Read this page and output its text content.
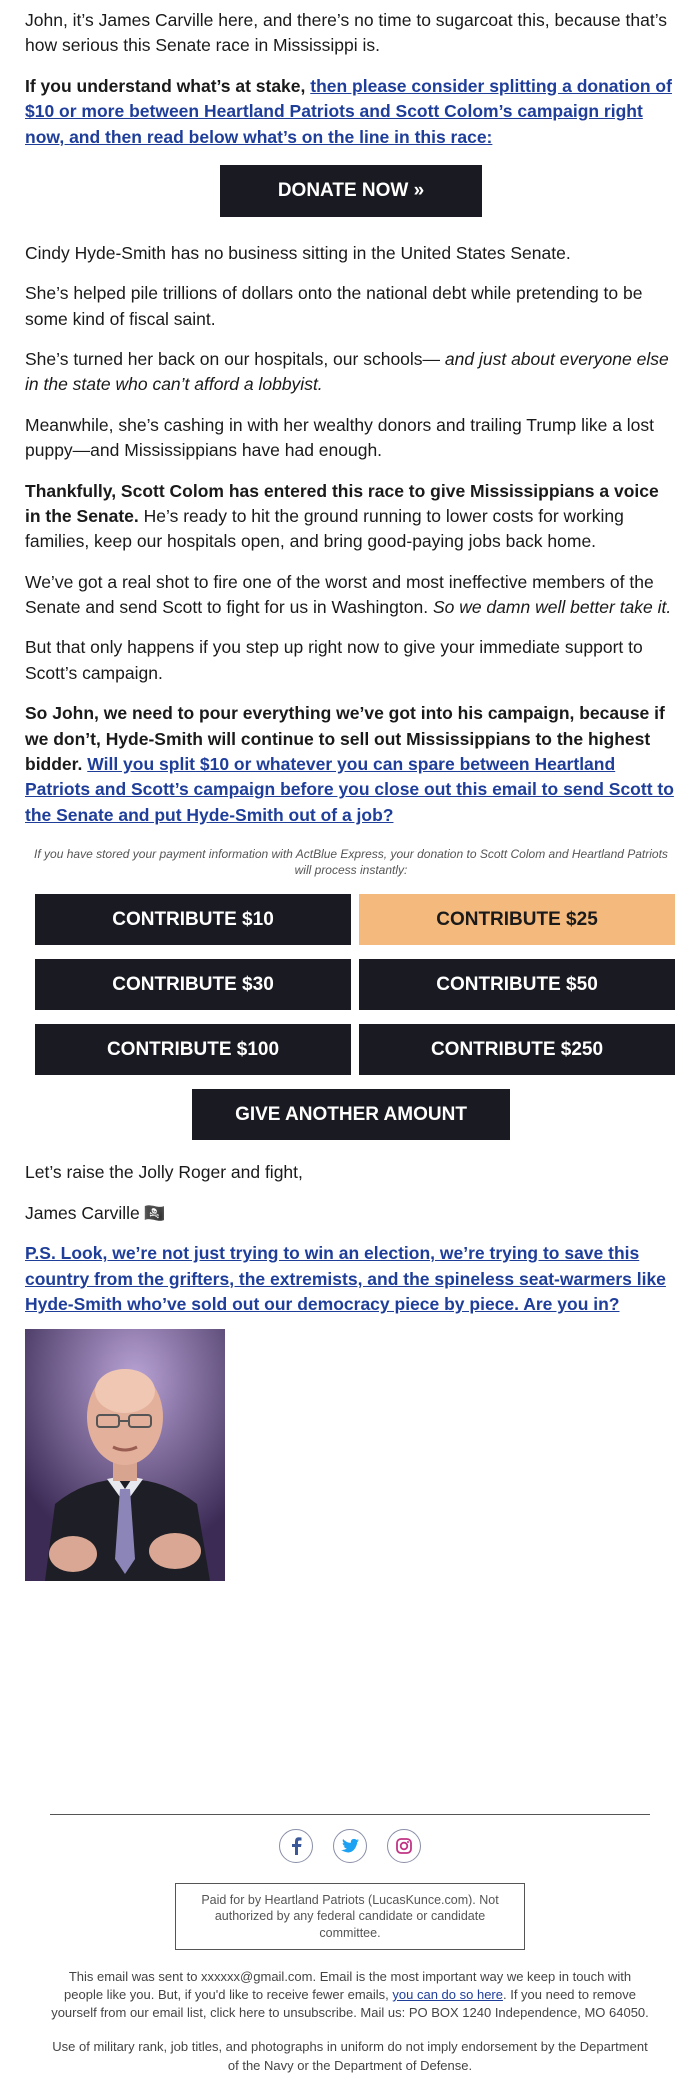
John, it’s James Carville here, and there’s no time to sugarcoat this, because that’s how serious this Senate race in Mississippi is.

If you understand what’s at stake, then please consider splitting a donation of $10 or more between Heartland Patriots and Scott Colom’s campaign right now, and then read below what’s on the line in this race:

DONATE NOW »

Cindy Hyde-Smith has no business sitting in the United States Senate.

She’s helped pile trillions of dollars onto the national debt while pretending to be some kind of fiscal saint.

She’s turned her back on our hospitals, our schools— and just about everyone else in the state who can’t afford a lobbyist.

Meanwhile, she’s cashing in with her wealthy donors and trailing Trump like a lost puppy—and Mississippians have had enough.

Thankfully, Scott Colom has entered this race to give Mississippians a voice in the Senate. He’s ready to hit the ground running to lower costs for working families, keep our hospitals open, and bring good-paying jobs back home.

We’ve got a real shot to fire one of the worst and most ineffective members of the Senate and send Scott to fight for us in Washington. So we damn well better take it.

But that only happens if you step up right now to give your immediate support to Scott’s campaign.

So John, we need to pour everything we’ve got into his campaign, because if we don’t, Hyde-Smith will continue to sell out Mississippians to the highest bidder. Will you split $10 or whatever you can spare between Heartland Patriots and Scott’s campaign before you close out this email to send Scott to the Senate and put Hyde-Smith out of a job?

If you have stored your payment information with ActBlue Express, your donation to Scott Colom and Heartland Patriots will process instantly:
CONTRIBUTE $10	CONTRIBUTE $25
CONTRIBUTE $30	CONTRIBUTE $50
CONTRIBUTE $100	CONTRIBUTE $250
GIVE ANOTHER AMOUNT

Let’s raise the Jolly Roger and fight,

James Carville 🏴‍☠️

P.S. Look, we’re not just trying to win an election, we’re trying to save this country from the grifters, the extremists, and the spineless seat-warmers like Hyde-Smith who’ve sold out our democracy piece by piece. Are you in?

Paid for by Heartland Patriots (LucasKunce.com). Not authorized by any federal candidate or candidate committee.

This email was sent to xxxxxx@gmail.com. Email is the most important way we keep in touch with people like you. But, if you'd like to receive fewer emails, you can do so here. If you need to remove yourself from our email list, click here to unsubscribe. Mail us: PO BOX 1240 Independence, MO 64050.

Use of military rank, job titles, and photographs in uniform do not imply endorsement by the Department of the Navy or the Department of Defense.
